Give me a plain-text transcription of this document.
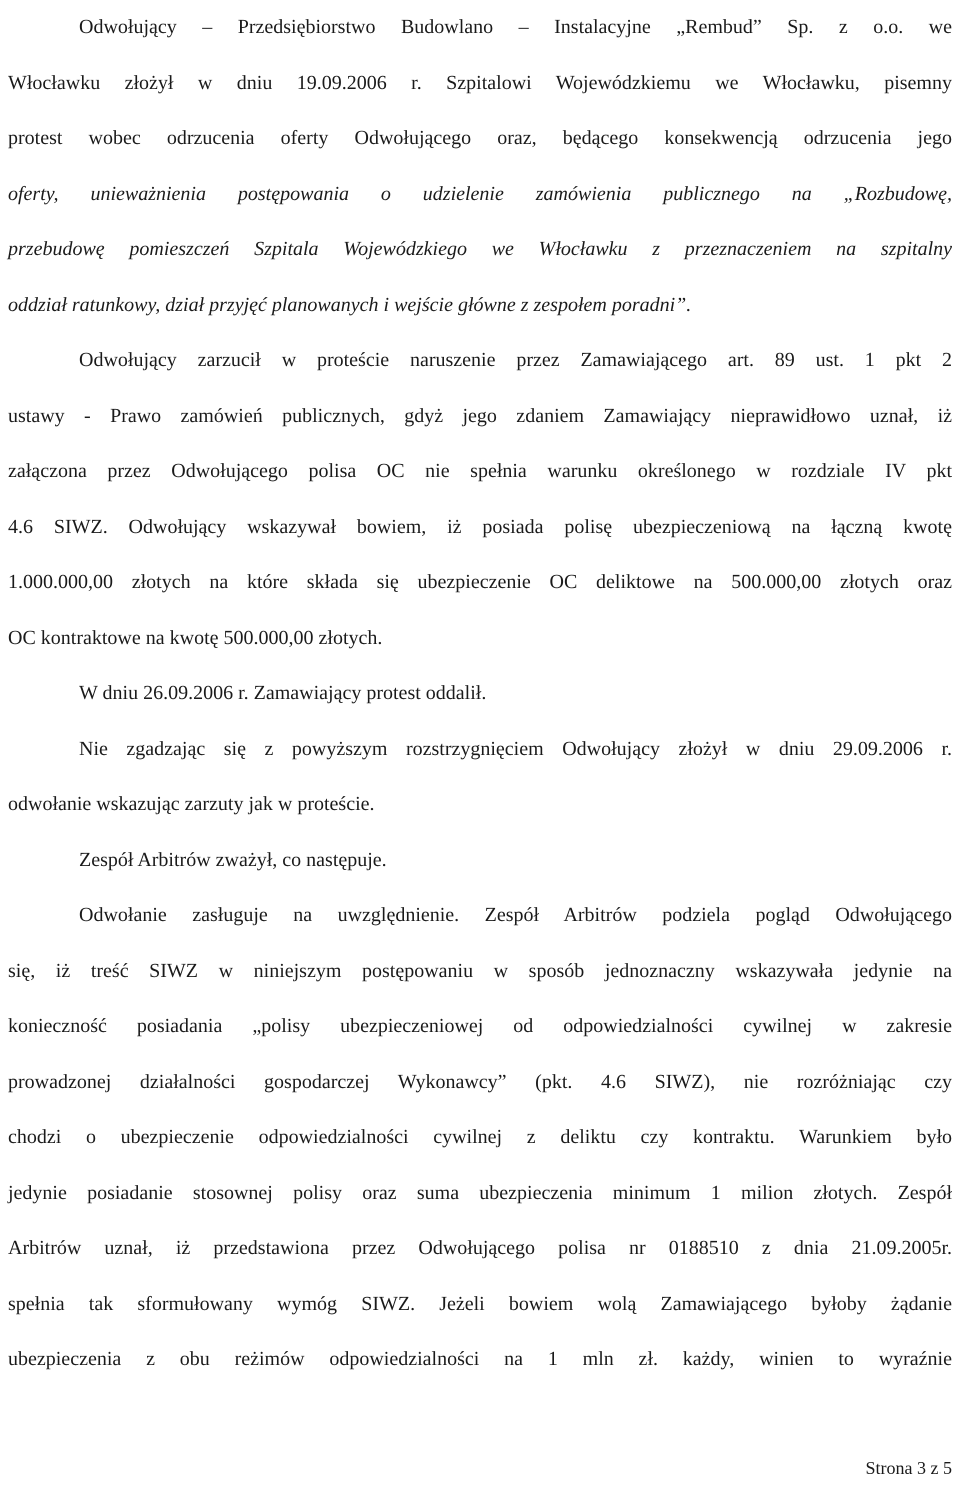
Odwołujący – Przedsiębiorstwo Budowlano – Instalacyjne „Rembud” Sp. z o.o. we
Włocławku złożył w dniu 19.09.2006 r. Szpitalowi Wojewódzkiemu we Włocławku, pisemny
protest wobec odrzucenia oferty Odwołującego oraz, będącego konsekwencją odrzucenia jego
oferty, unieważnienia postępowania o udzielenie zamówienia publicznego na „Rozbudowę,
przebudowę pomieszczeń Szpitala Wojewódzkiego we Włocławku z przeznaczeniem na szpitalny
oddział ratunkowy, dział przyjęć planowanych i wejście główne z zespołem poradni”.
Odwołujący zarzucił w proteście naruszenie przez Zamawiającego art. 89 ust. 1 pkt 2
ustawy - Prawo zamówień publicznych, gdyż jego zdaniem Zamawiający nieprawidłowo uznał, iż
załączona przez Odwołującego polisa OC nie spełnia warunku określonego w rozdziale IV pkt
4.6 SIWZ. Odwołujący wskazywał bowiem, iż posiada polisę ubezpieczeniową na łączną kwotę
1.000.000,00 złotych na które składa się ubezpieczenie OC deliktowe na 500.000,00 złotych oraz
OC kontraktowe na kwotę 500.000,00 złotych.
W dniu 26.09.2006 r. Zamawiający protest oddalił.
Nie zgadzając się z powyższym rozstrzygnięciem Odwołujący złożył w dniu 29.09.2006 r.
odwołanie wskazując zarzuty jak w proteście.
Zespół Arbitrów zważył, co następuje.
Odwołanie zasługuje na uwzględnienie. Zespół Arbitrów podziela pogląd Odwołującego
się, iż treść SIWZ w niniejszym postępowaniu w sposób jednoznaczny wskazywała jedynie na
konieczność posiadania „polisy ubezpieczeniowej od odpowiedzialności cywilnej w zakresie
prowadzonej działalności gospodarczej Wykonawcy” (pkt. 4.6 SIWZ), nie rozróżniając czy
chodzi o ubezpieczenie odpowiedzialności cywilnej z deliktu czy kontraktu. Warunkiem było
jedynie posiadanie stosownej polisy oraz suma ubezpieczenia minimum 1 milion złotych. Zespół
Arbitrów uznał, iż przedstawiona przez Odwołującego polisa nr 0188510 z dnia 21.09.2005r.
spełnia tak sformułowany wymóg SIWZ. Jeżeli bowiem wolą Zamawiającego byłoby żądanie
ubezpieczenia z obu reżimów odpowiedzialności na 1 mln zł. każdy, winien to wyraźnie
Strona 3 z 5
